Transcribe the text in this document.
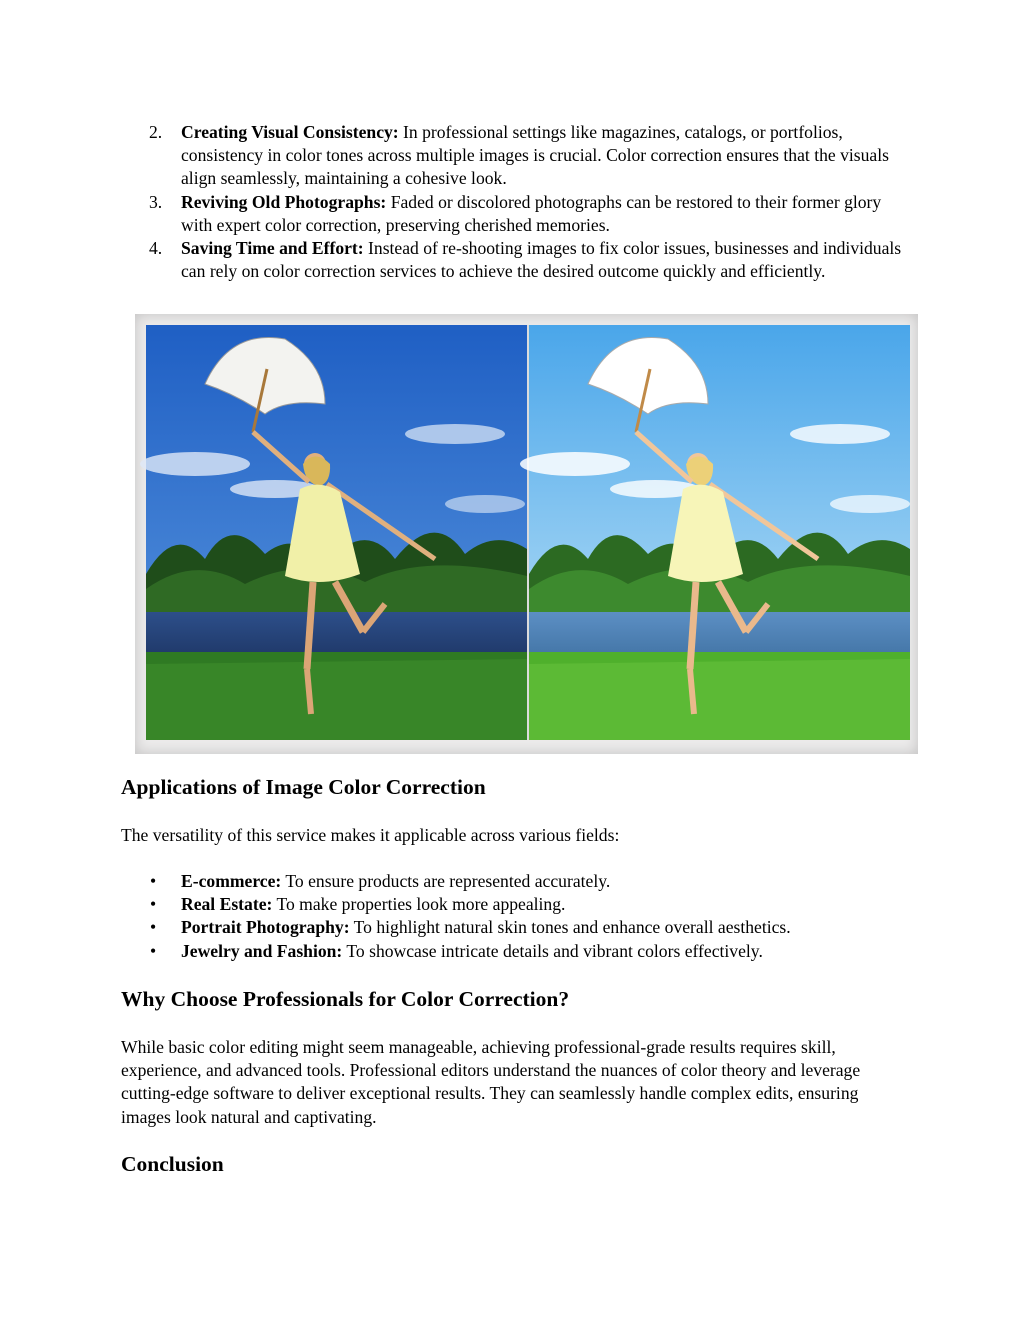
2. Creating Visual Consistency: In professional settings like magazines, catalogs, or portfolios, consistency in color tones across multiple images is crucial. Color correction ensures that the visuals align seamlessly, maintaining a cohesive look.
3. Reviving Old Photographs: Faded or discolored photographs can be restored to their former glory with expert color correction, preserving cherished memories.
4. Saving Time and Effort: Instead of re-shooting images to fix color issues, businesses and individuals can rely on color correction services to achieve the desired outcome quickly and efficiently.
Applications of Image Color Correction

The versatility of this service makes it applicable across various fields:

• E-commerce: To ensure products are represented accurately.
• Real Estate: To make properties look more appealing.
• Portrait Photography: To highlight natural skin tones and enhance overall aesthetics.
• Jewelry and Fashion: To showcase intricate details and vibrant colors effectively.
Why Choose Professionals for Color Correction?

While basic color editing might seem manageable, achieving professional-grade results requires skill, experience, and advanced tools. Professional editors understand the nuances of color theory and leverage cutting-edge software to deliver exceptional results. They can seamlessly handle complex edits, ensuring images look natural and captivating.

Conclusion
